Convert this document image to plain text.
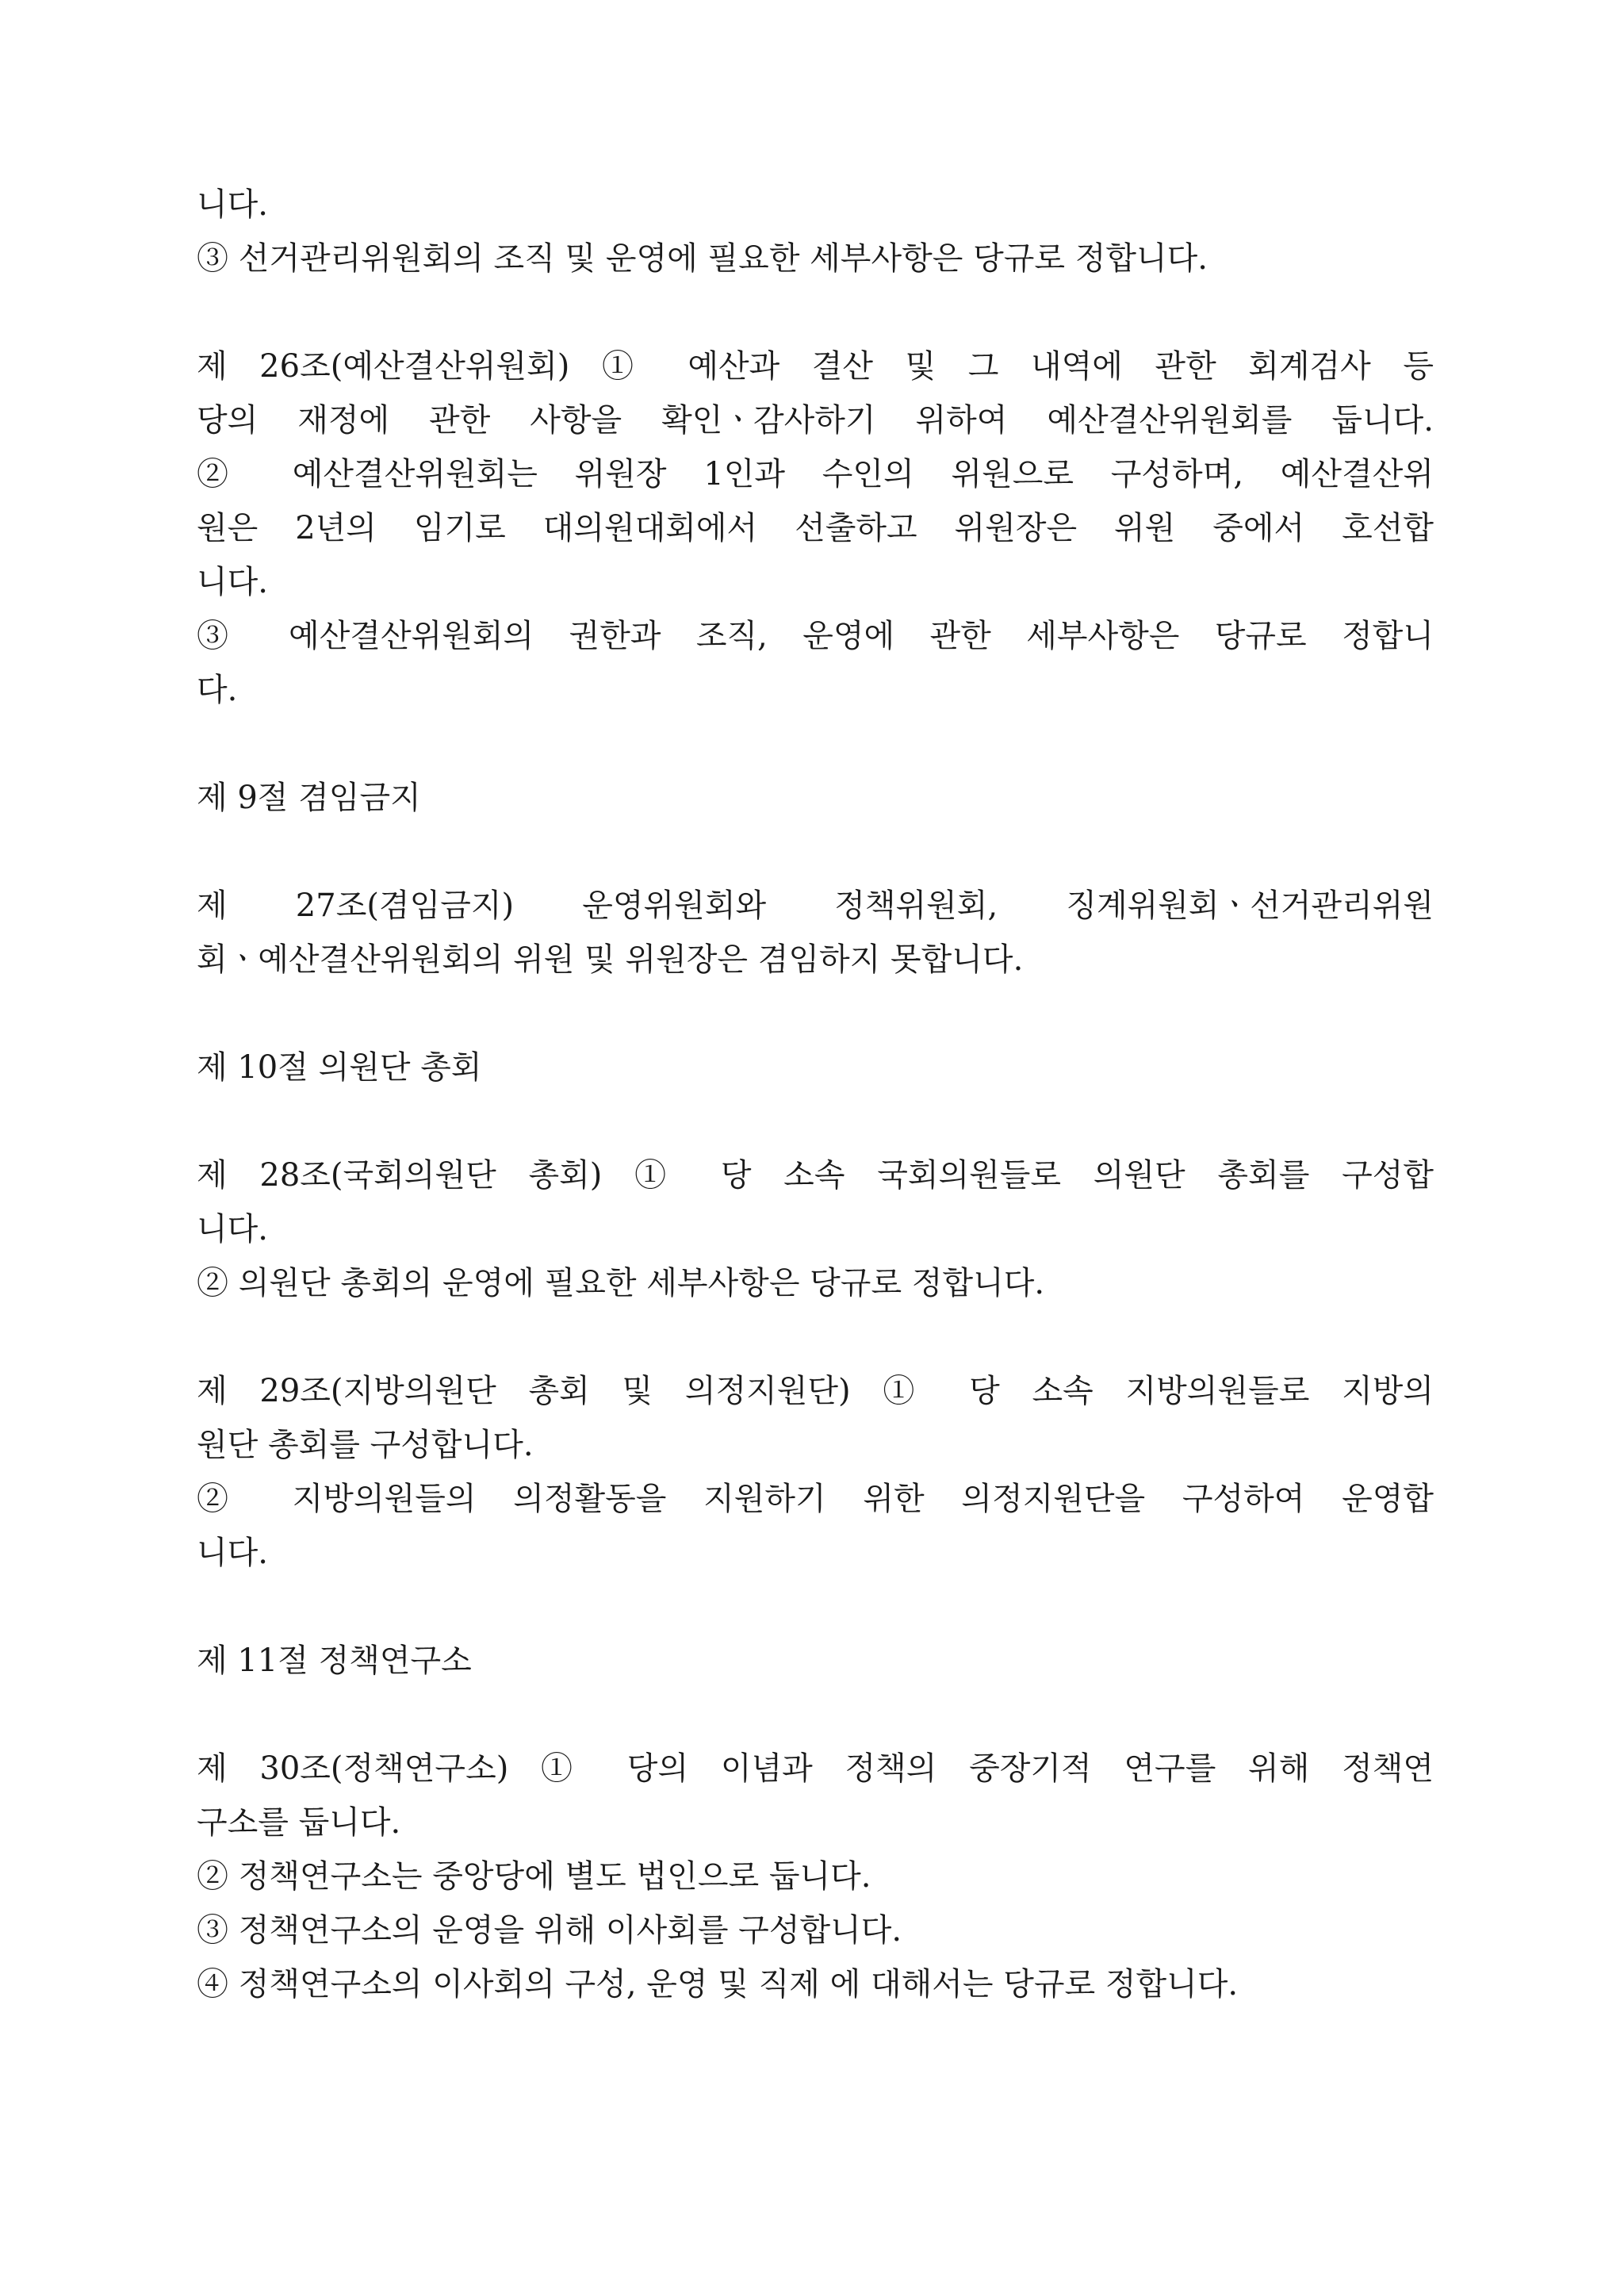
니다.
③ 선거관리위원회의 조직 및 운영에 필요한 세부사항은 당규로 정합니다.
제 26조(예산결산위원회) ① 예산과 결산 및 그 내역에 관한 회계검사 등
당의 재정에 관한 사항을 확인ㆍ감사하기 위하여 예산결산위원회를 둡니다.
② 예산결산위원회는 위원장 1인과 수인의 위원으로 구성하며, 예산결산위
원은 2년의 임기로 대의원대회에서 선출하고 위원장은 위원 중에서 호선합
니다.
③ 예산결산위원회의 권한과 조직, 운영에 관한 세부사항은 당규로 정합니
다.
제 9절 겸임금지
제 27조(겸임금지) 운영위원회와 정책위원회, 징계위원회ㆍ선거관리위원
회ㆍ예산결산위원회의 위원 및 위원장은 겸임하지 못합니다.
제 10절 의원단 총회
제 28조(국회의원단 총회) ① 당 소속 국회의원들로 의원단 총회를 구성합
니다.
② 의원단 총회의 운영에 필요한 세부사항은 당규로 정합니다.
제 29조(지방의원단 총회 및 의정지원단) ① 당 소속 지방의원들로 지방의
원단 총회를 구성합니다.
② 지방의원들의 의정활동을 지원하기 위한 의정지원단을 구성하여 운영합
니다.
제 11절 정책연구소
제 30조(정책연구소) ① 당의 이념과 정책의 중장기적 연구를 위해 정책연
구소를 둡니다.
② 정책연구소는 중앙당에 별도 법인으로 둡니다.
③ 정책연구소의 운영을 위해 이사회를 구성합니다.
④ 정책연구소의 이사회의 구성, 운영 및 직제 에 대해서는 당규로 정합니다.
